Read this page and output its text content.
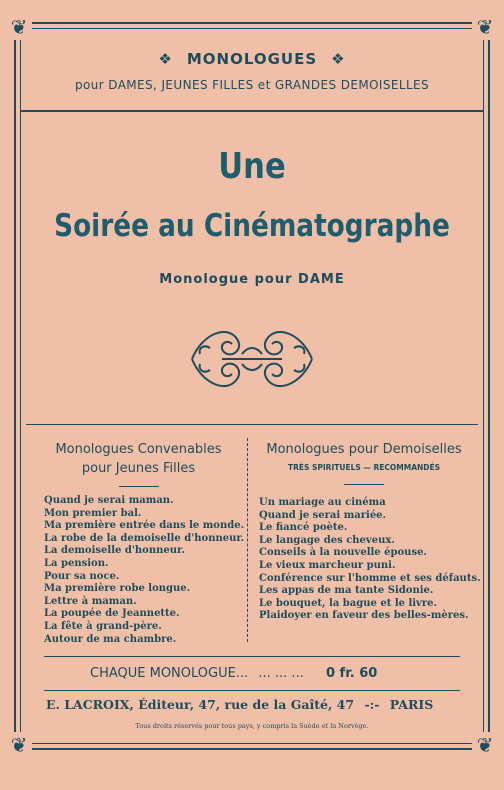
❦	❦
❦	❦
❖ MONOLOGUES ❖
pour DAMES, JEUNES FILLES et GRANDES DEMOISELLES
Une
Soirée au Cinématographe
Monologue pour DAME
Monologues Convenables
pour Jeunes Filles
Quand je serai maman.
Mon premier bal.
Ma première entrée dans le monde.
La robe de la demoiselle d'honneur.
La demoiselle d'honneur.
La pension.
Pour sa noce.
Ma première robe longue.
Lettre à maman.
La poupée de Jeannette.
La fête à grand-père.
Autour de ma chambre.
Monologues pour Demoiselles
TRÈS SPIRITUELS — RECOMMANDÉS
Un mariage au cinéma
Quand je serai mariée.
Le fiancé poète.
Le langage des cheveux.
Conseils à la nouvelle épouse.
Le vieux marcheur puni.
Conférence sur l'homme et ses défauts.
Les appas de ma tante Sidonie.
Le bouquet, la bague et le livre.
Plaidoyer en faveur des belles-mères.
CHAQUE MONOLOGUE... ... ... ... 0 fr. 60
E. LACROIX, Éditeur, 47, rue de la Gaîté, 47 -:- PARIS
Tous droits réservés pour tous pays, y compris la Suède et la Norvège.
